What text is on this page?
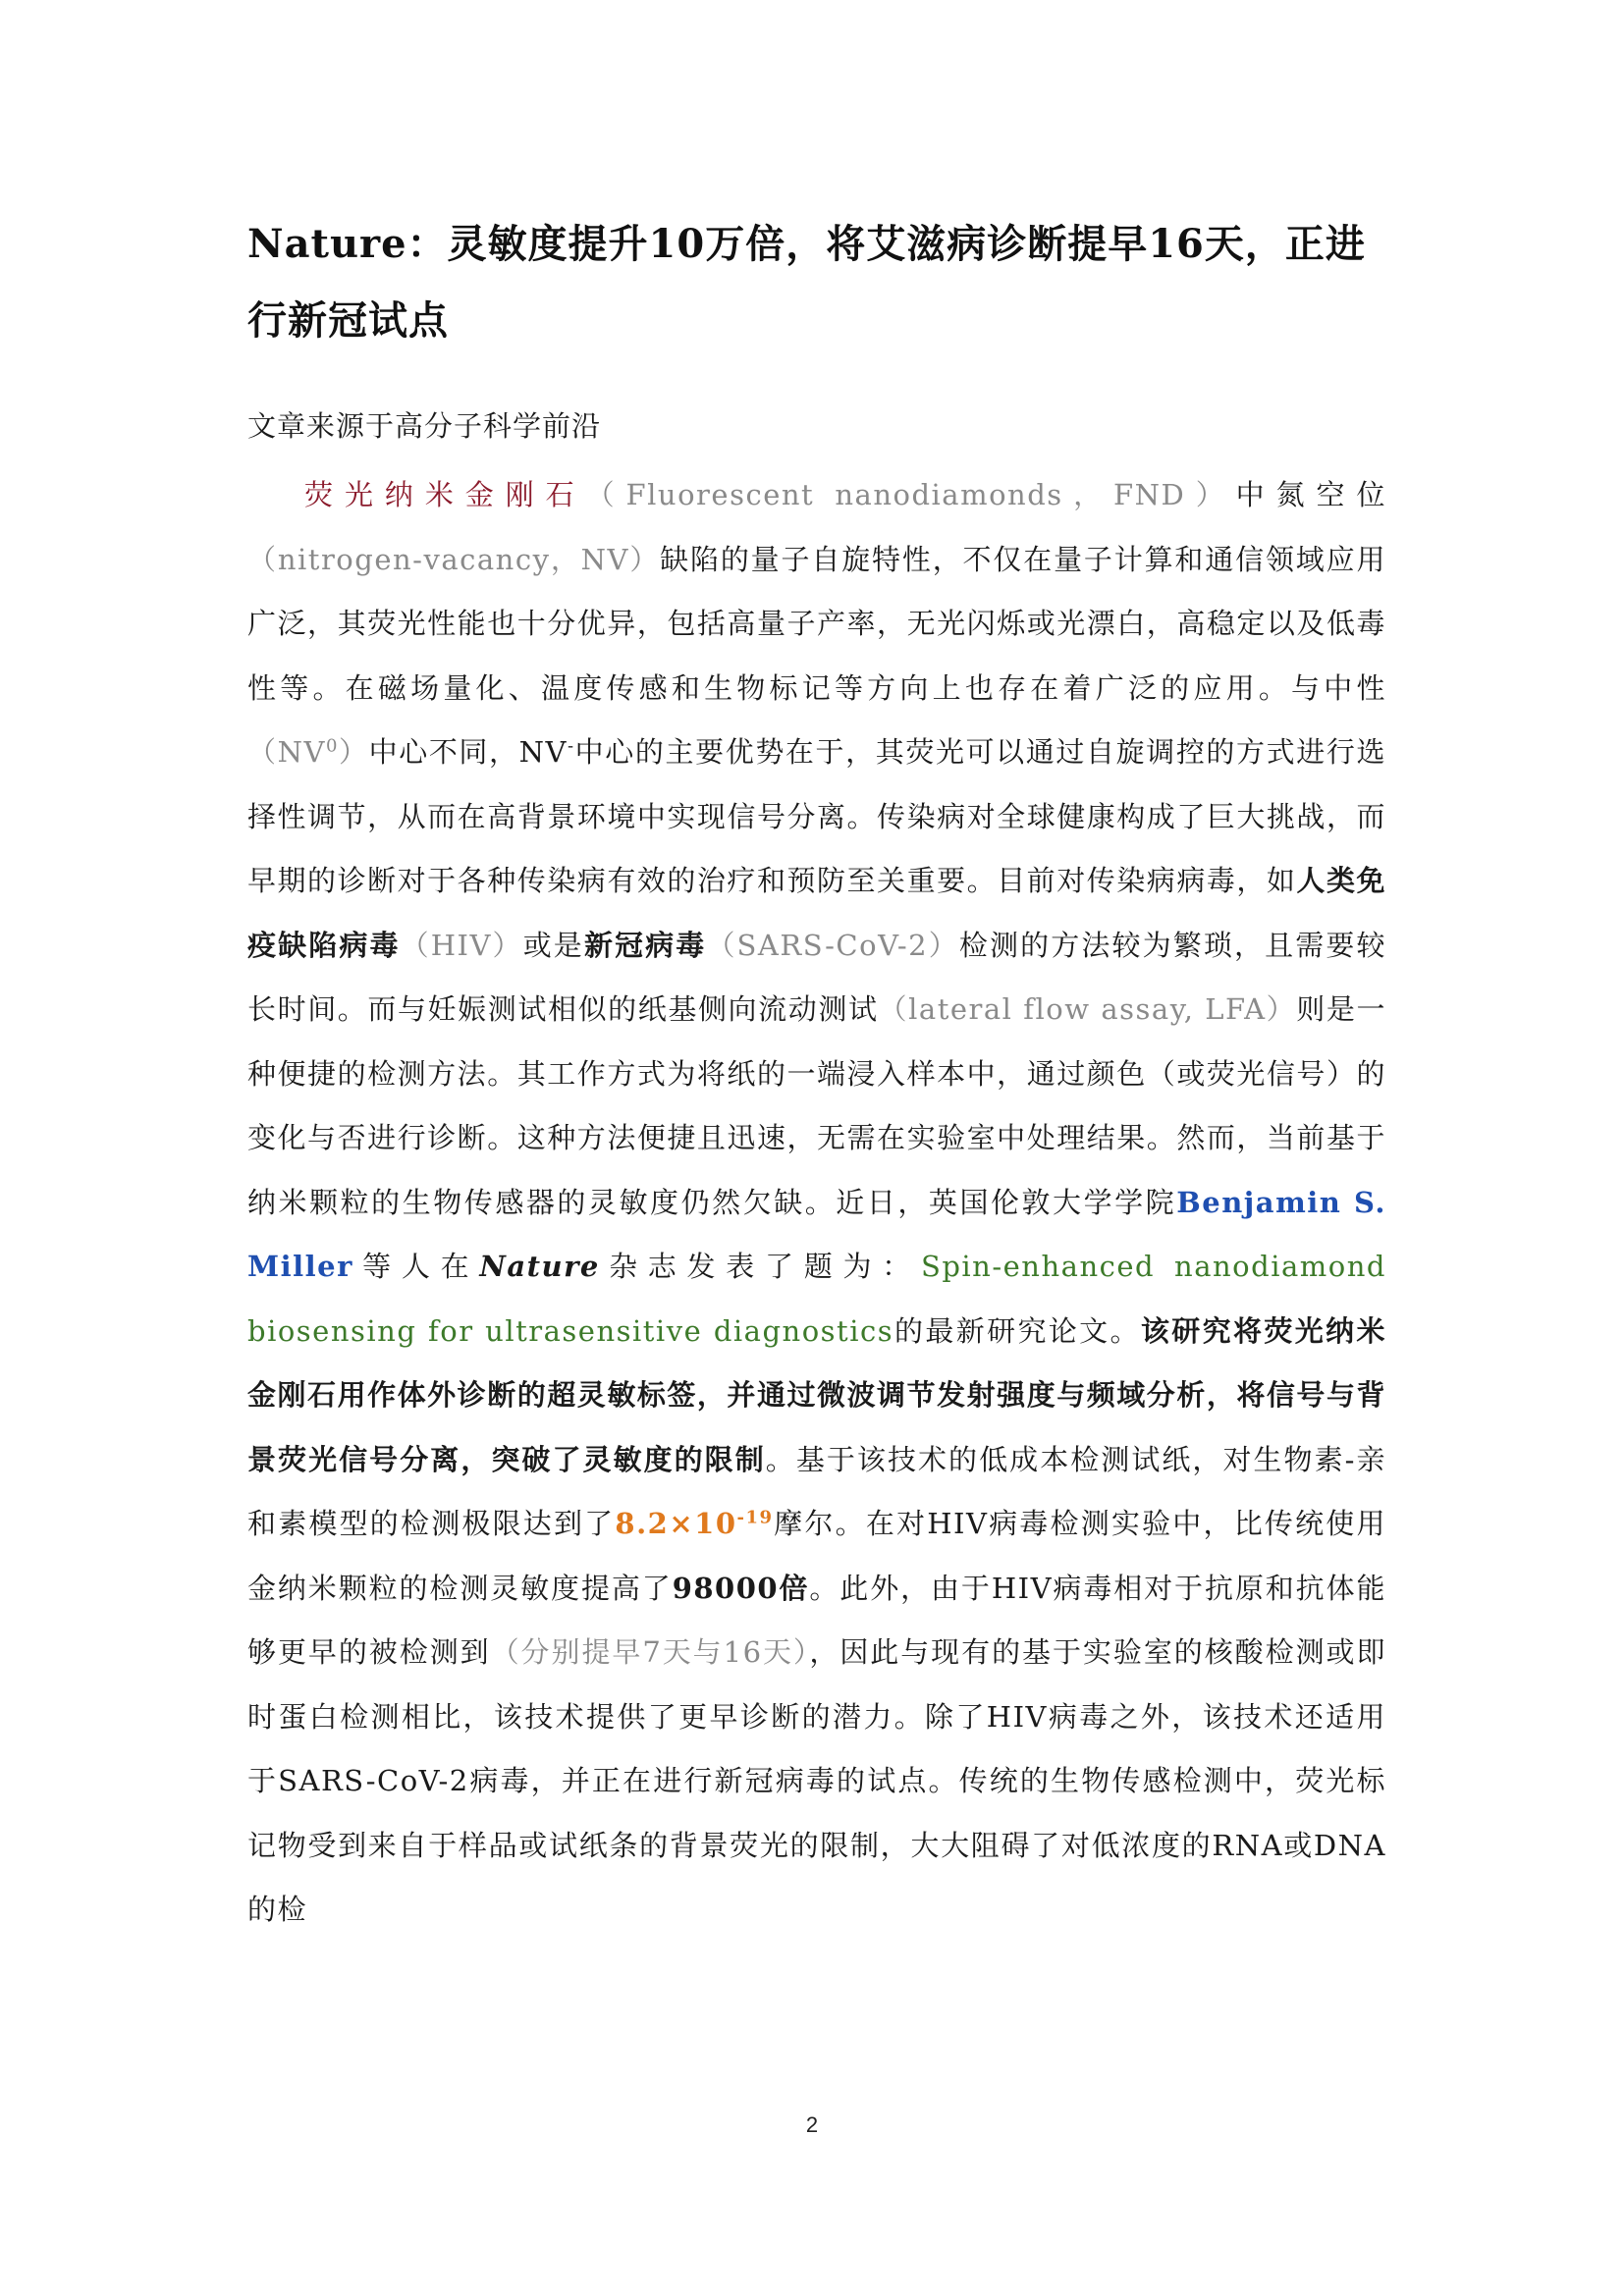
Nature：灵敏度提升10万倍，将艾滋病诊断提早16天，正进行新冠试点

文章来源于高分子科学前沿

荧光纳米金刚石（Fluorescent nanodiamonds，FND）中氮空位（nitrogen-vacancy，NV）缺陷的量子自旋特性，不仅在量子计算和通信领域应用广泛，其荧光性能也十分优异，包括高量子产率，无光闪烁或光漂白，高稳定以及低毒性等。在磁场量化、温度传感和生物标记等方向上也存在着广泛的应用。与中性$(NV^0)$中心不同，NV-中心的主要优势在于，其荧光可以通过自旋调控的方式进行选择性调节，从而在高背景环境中实现信号分离。传染病对全球健康构成了巨大挑战，而早期的诊断对于各种传染病有效的治疗和预防至关重要。目前对传染病病毒，如人类免疫缺陷病毒（HIV）或是新冠病毒（SARS-CoV-2）检测的方法较为繁琐，且需要较长时间。而与妊娠测试相似的纸基侧向流动测试（lateral flow assay, LFA）则是一种便捷的检测方法。其工作方式为将纸的一端浸入样本中，通过颜色（或荧光信号）的变化与否进行诊断。这种方法便捷且迅速，无需在实验室中处理结果。然而，当前基于纳米颗粒的生物传感器的灵敏度仍然欠缺。近日，英国伦敦大学学院Benjamin S. Miller等人在Nature杂志发表了题为：Spin-enhanced nanodiamond biosensing for ultrasensitive diagnostics的最新研究论文。该研究将荧光纳米金刚石用作体外诊断的超灵敏标签，并通过微波调节发射强度与频域分析，将信号与背景荧光信号分离，突破了灵敏度的限制。基于该技术的低成本检测试纸，对生物素-亲和素模型的检测极限达到了$8.2\times 10^{-19}$摩尔。在对HIV病毒检测实验中，比传统使用金纳米颗粒的检测灵敏度提高了98000倍。此外，由于HIV病毒相对于抗原和抗体能够更早的被检测到（分别提早7天与16天），因此与现有的基于实验室的核酸检测或即时蛋白检测相比，该技术提供了更早诊断的潜力。除了HIV病毒之外，该技术还适用于SARS-CoV-2病毒，并正在进行新冠病毒的试点。传统的生物传感检测中，荧光标记物受到来自于样品或试纸条的背景荧光的限制，大大阻碍了对低浓度的RNA或DNA的检

2
